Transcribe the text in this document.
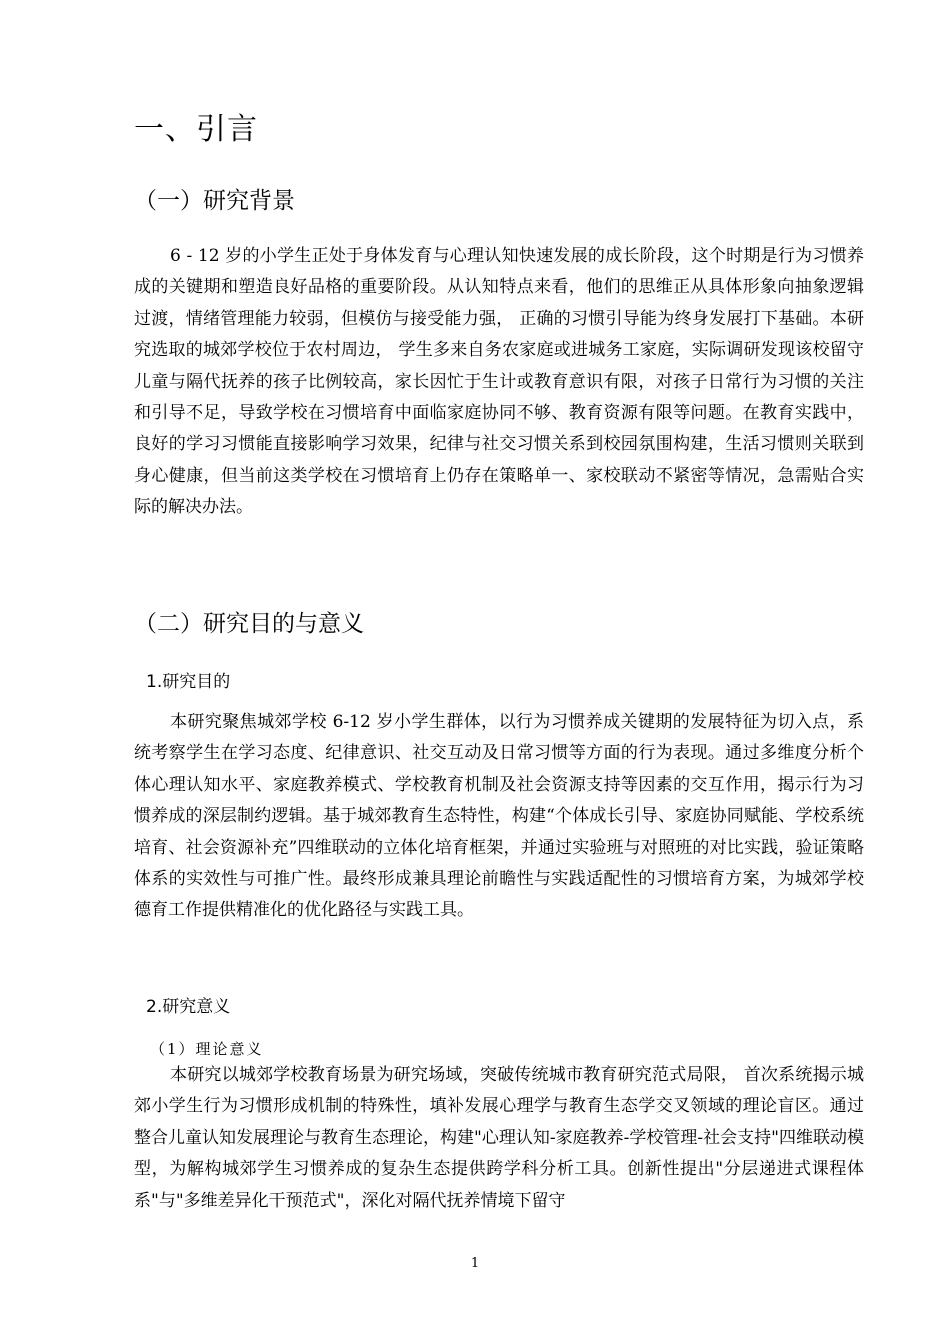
一、引言
（一）研究背景

6 - 12 岁的小学生正处于身体发育与心理认知快速发展的成长阶段，这个时期是行为习惯养成的关键期和塑造良好品格的重要阶段。从认知特点来看，他们的思维正从具体形象向抽象逻辑过渡，情绪管理能力较弱，但模仿与接受能力强， 正确的习惯引导能为终身发展打下基础。本研究选取的城郊学校位于农村周边， 学生多来自务农家庭或进城务工家庭，实际调研发现该校留守儿童与隔代抚养的孩子比例较高，家长因忙于生计或教育意识有限，对孩子日常行为习惯的关注和引导不足，导致学校在习惯培育中面临家庭协同不够、教育资源有限等问题。在教育实践中，良好的学习习惯能直接影响学习效果，纪律与社交习惯关系到校园氛围构建，生活习惯则关联到身心健康，但当前这类学校在习惯培育上仍存在策略单一、家校联动不紧密等情况，急需贴合实际的解决办法。

（二）研究目的与意义
1.研究目的

本研究聚焦城郊学校 6-12 岁小学生群体，以行为习惯养成关键期的发展特征为切入点，系统考察学生在学习态度、纪律意识、社交互动及日常习惯等方面的行为表现。通过多维度分析个体心理认知水平、家庭教养模式、学校教育机制及社会资源支持等因素的交互作用，揭示行为习惯养成的深层制约逻辑。基于城郊教育生态特性，构建“个体成长引导、家庭协同赋能、学校系统培育、社会资源补充”四维联动的立体化培育框架，并通过实验班与对照班的对比实践，验证策略体系的实效性与可推广性。最终形成兼具理论前瞻性与实践适配性的习惯培育方案，为城郊学校德育工作提供精准化的优化路径与实践工具。

2.研究意义
（1）理论意义

本研究以城郊学校教育场景为研究场域，突破传统城市教育研究范式局限， 首次系统揭示城郊小学生行为习惯形成机制的特殊性，填补发展心理学与教育生态学交叉领域的理论盲区。通过整合儿童认知发展理论与教育生态理论，构建"心理认知-家庭教养-学校管理-社会支持"四维联动模型，为解构城郊学生习惯养成的复杂生态提供跨学科分析工具。创新性提出"分层递进式课程体系"与"多维差异化干预范式"，深化对隔代抚养情境下留守

1
